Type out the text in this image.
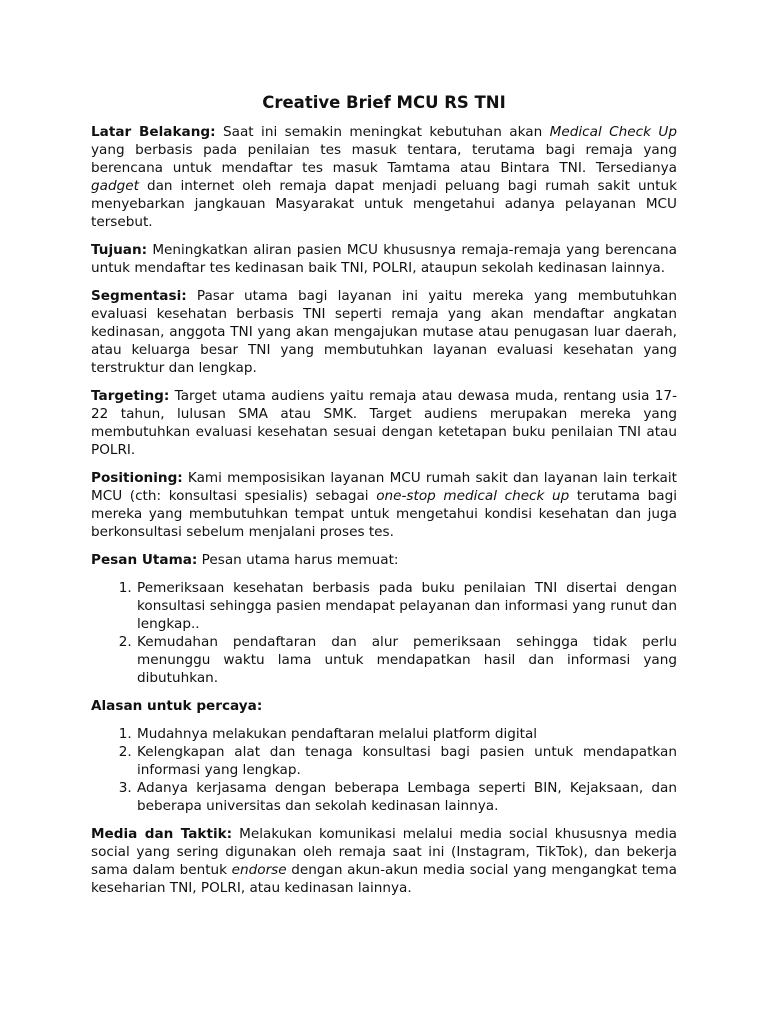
Creative Brief MCU RS TNI

Latar Belakang: Saat ini semakin meningkat kebutuhan akan Medical Check Up yang berbasis pada penilaian tes masuk tentara, terutama bagi remaja yang berencana untuk mendaftar tes masuk Tamtama atau Bintara TNI. Tersedianya gadget dan internet oleh remaja dapat menjadi peluang bagi rumah sakit untuk menyebarkan jangkauan Masyarakat untuk mengetahui adanya pelayanan MCU tersebut.

Tujuan: Meningkatkan aliran pasien MCU khususnya remaja-remaja yang berencana untuk mendaftar tes kedinasan baik TNI, POLRI, ataupun sekolah kedinasan lainnya.

Segmentasi: Pasar utama bagi layanan ini yaitu mereka yang membutuhkan evaluasi kesehatan berbasis TNI seperti remaja yang akan mendaftar angkatan kedinasan, anggota TNI yang akan mengajukan mutase atau penugasan luar daerah, atau keluarga besar TNI yang membutuhkan layanan evaluasi kesehatan yang terstruktur dan lengkap.

Targeting: Target utama audiens yaitu remaja atau dewasa muda, rentang usia 17-22 tahun, lulusan SMA atau SMK. Target audiens merupakan mereka yang membutuhkan evaluasi kesehatan sesuai dengan ketetapan buku penilaian TNI atau POLRI.

Positioning: Kami memposisikan layanan MCU rumah sakit dan layanan lain terkait MCU (cth: konsultasi spesialis) sebagai one-stop medical check up terutama bagi mereka yang membutuhkan tempat untuk mengetahui kondisi kesehatan dan juga berkonsultasi sebelum menjalani proses tes.

Pesan Utama: Pesan utama harus memuat:

1. Pemeriksaan kesehatan berbasis pada buku penilaian TNI disertai dengan konsultasi sehingga pasien mendapat pelayanan dan informasi yang runut dan lengkap..
2. Kemudahan pendaftaran dan alur pemeriksaan sehingga tidak perlu menunggu waktu lama untuk mendapatkan hasil dan informasi yang dibutuhkan.

Alasan untuk percaya:

1. Mudahnya melakukan pendaftaran melalui platform digital
2. Kelengkapan alat dan tenaga konsultasi bagi pasien untuk mendapatkan informasi yang lengkap.
3. Adanya kerjasama dengan beberapa Lembaga seperti BIN, Kejaksaan, dan beberapa universitas dan sekolah kedinasan lainnya.

Media dan Taktik: Melakukan komunikasi melalui media social khususnya media social yang sering digunakan oleh remaja saat ini (Instagram, TikTok), dan bekerja sama dalam bentuk endorse dengan akun-akun media social yang mengangkat tema keseharian TNI, POLRI, atau kedinasan lainnya.
